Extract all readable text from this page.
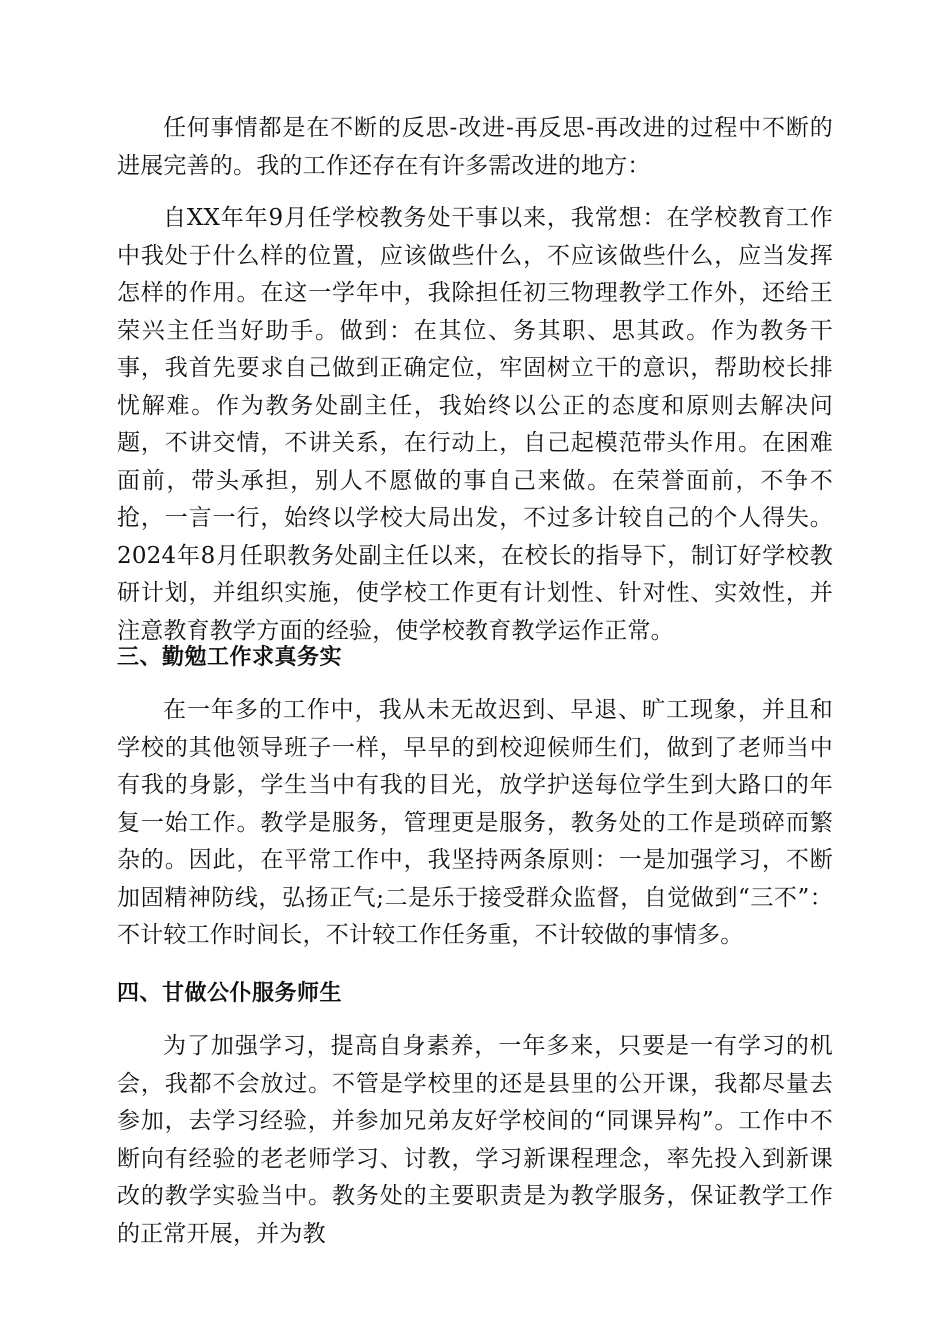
任何事情都是在不断的反思-改进-再反思-再改进的过程中不断的进展完善的。我的工作还存在有许多需改进的地方：

自XX年年9月任学校教务处干事以来，我常想：在学校教育工作中我处于什么样的位置，应该做些什么，不应该做些什么，应当发挥怎样的作用。在这一学年中，我除担任初三物理教学工作外，还给王荣兴主任当好助手。做到：在其位、务其职、思其政。作为教务干事，我首先要求自己做到正确定位，牢固树立干的意识，帮助校长排忧解难。作为教务处副主任，我始终以公正的态度和原则去解决问题，不讲交情，不讲关系，在行动上，自己起模范带头作用。在困难面前，带头承担，别人不愿做的事自己来做。在荣誉面前，不争不抢，一言一行，始终以学校大局出发，不过多计较自己的个人得失。2024年8月任职教务处副主任以来，在校长的指导下，制订好学校教研计划，并组织实施，使学校工作更有计划性、针对性、实效性，并注意教育教学方面的经验，使学校教育教学运作正常。

三、勤勉工作求真务实

在一年多的工作中，我从未无故迟到、早退、旷工现象，并且和学校的其他领导班子一样，早早的到校迎候师生们，做到了老师当中有我的身影，学生当中有我的目光，放学护送每位学生到大路口的年复一始工作。教学是服务，管理更是服务，教务处的工作是琐碎而繁杂的。因此，在平常工作中，我坚持两条原则：一是加强学习，不断加固精神防线，弘扬正气;二是乐于接受群众监督，自觉做到“三不”：不计较工作时间长，不计较工作任务重，不计较做的事情多。

四、甘做公仆服务师生

为了加强学习，提高自身素养，一年多来，只要是一有学习的机会，我都不会放过。不管是学校里的还是县里的公开课，我都尽量去参加，去学习经验，并参加兄弟友好学校间的“同课异构”。工作中不断向有经验的老老师学习、讨教，学习新课程理念，率先投入到新课改的教学实验当中。教务处的主要职责是为教学服务，保证教学工作的正常开展，并为教
